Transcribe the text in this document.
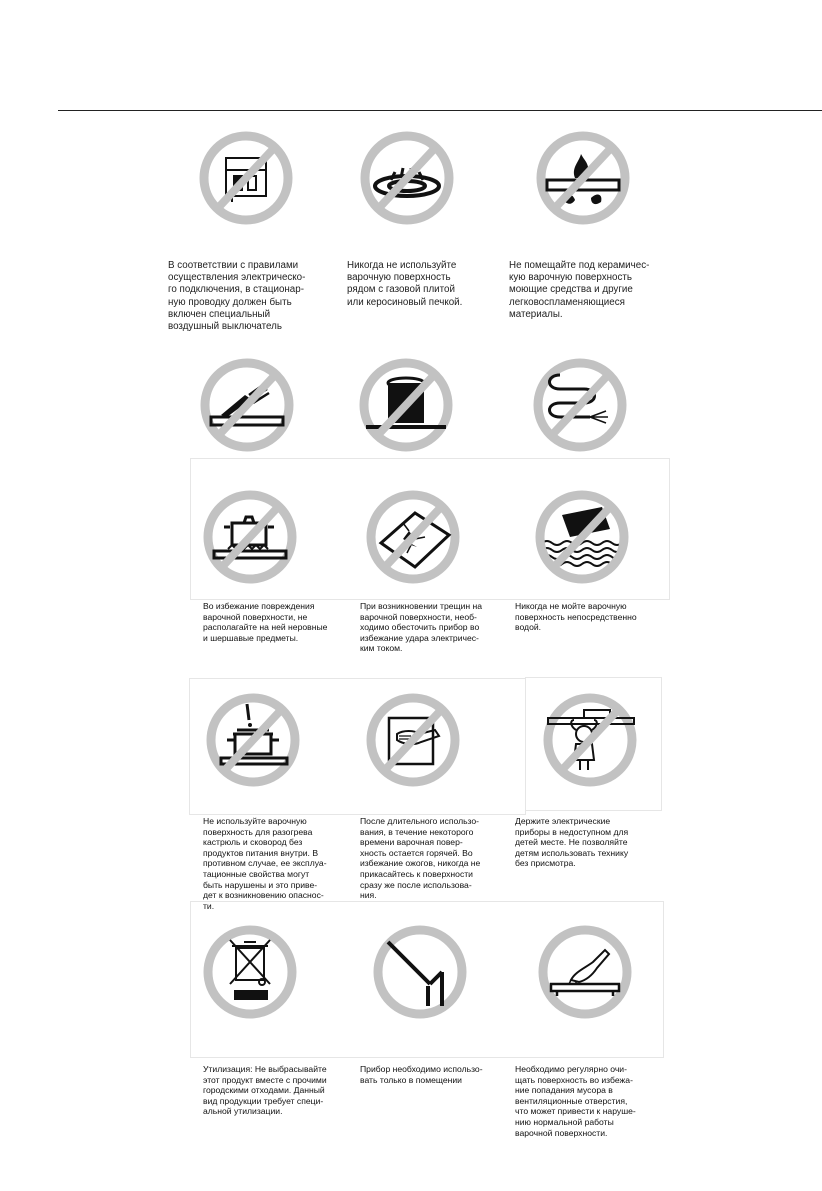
В соответствии с правилами
осуществления электрическо-
го подключения, в стационар-
ную проводку должен быть
включен специальный
воздушный выключатель
Никогда не используйте
варочную поверхность
рядом с газовой плитой
или керосиновый печкой.
Не помещайте под керамичес-
кую варочную поверхность
моющие средства и другие
легковоспламеняющиеся
материалы.
Во избежание повреждения
варочной поверхности, не
располагайте на ней неровные
и шершавые предметы.
При возникновении трещин на
варочной поверхности, необ-
ходимо обесточить прибор во
избежание удара электричес-
ким током.
Никогда не мойте варочную
поверхность непосредственно
водой.
Не используйте варочную
поверхность для разогрева
кастрюль и сковород без
продуктов питания внутри. В
противном случае, ее эксплуа-
тационные свойства могут
быть нарушены и это приве-
дет к возникновению опаснос-
ти.
После длительного использо-
вания, в течение некоторого
времени варочная повер-
хность остается горячей. Во
избежание ожогов, никогда не
прикасайтесь к поверхности
сразу же после использова-
ния.
Держите электрические
приборы в недоступном для
детей месте. Не позволяйте
детям использовать технику
без присмотра.
Утилизация: Не выбрасывайте
этот продукт вместе с прочими
городскими отходами. Данный
вид продукции требует специ-
альной утилизации.
Прибор необходимо использо-
вать только в помещении
Необходимо регулярно очи-
щать поверхность во избежа-
ние попадания мусора в
вентиляционные отверстия,
что может привести к наруше-
нию нормальной работы
варочной поверхности.
